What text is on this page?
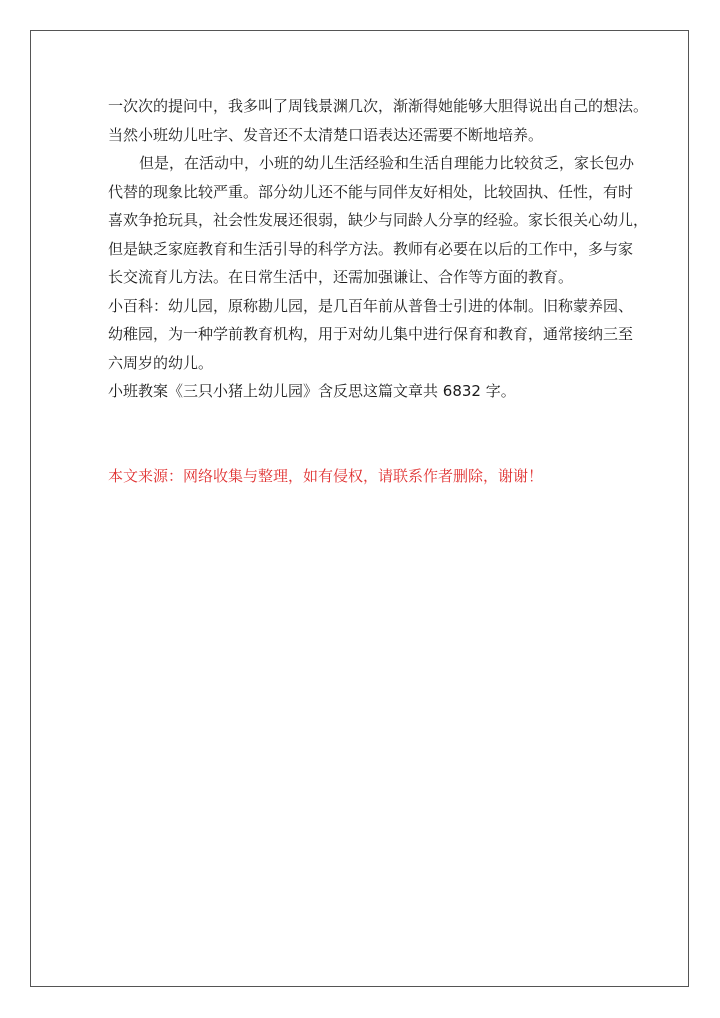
一次次的提问中，我多叫了周钱景渊几次，渐渐得她能够大胆得说出自己的想法。
当然小班幼儿吐字、发音还不太清楚口语表达还需要不断地培养。
但是，在活动中，小班的幼儿生活经验和生活自理能力比较贫乏，家长包办
代替的现象比较严重。部分幼儿还不能与同伴友好相处，比较固执、任性，有时
喜欢争抢玩具，社会性发展还很弱，缺少与同龄人分享的经验。家长很关心幼儿，
但是缺乏家庭教育和生活引导的科学方法。教师有必要在以后的工作中，多与家
长交流育儿方法。在日常生活中，还需加强谦让、合作等方面的教育。
小百科：幼儿园，原称勘儿园，是几百年前从普鲁士引进的体制。旧称蒙养园、
幼稚园，为一种学前教育机构，用于对幼儿集中进行保育和教育，通常接纳三至
六周岁的幼儿。
小班教案《三只小猪上幼儿园》含反思这篇文章共 6832 字。
本文来源：网络收集与整理，如有侵权，请联系作者删除，谢谢！
